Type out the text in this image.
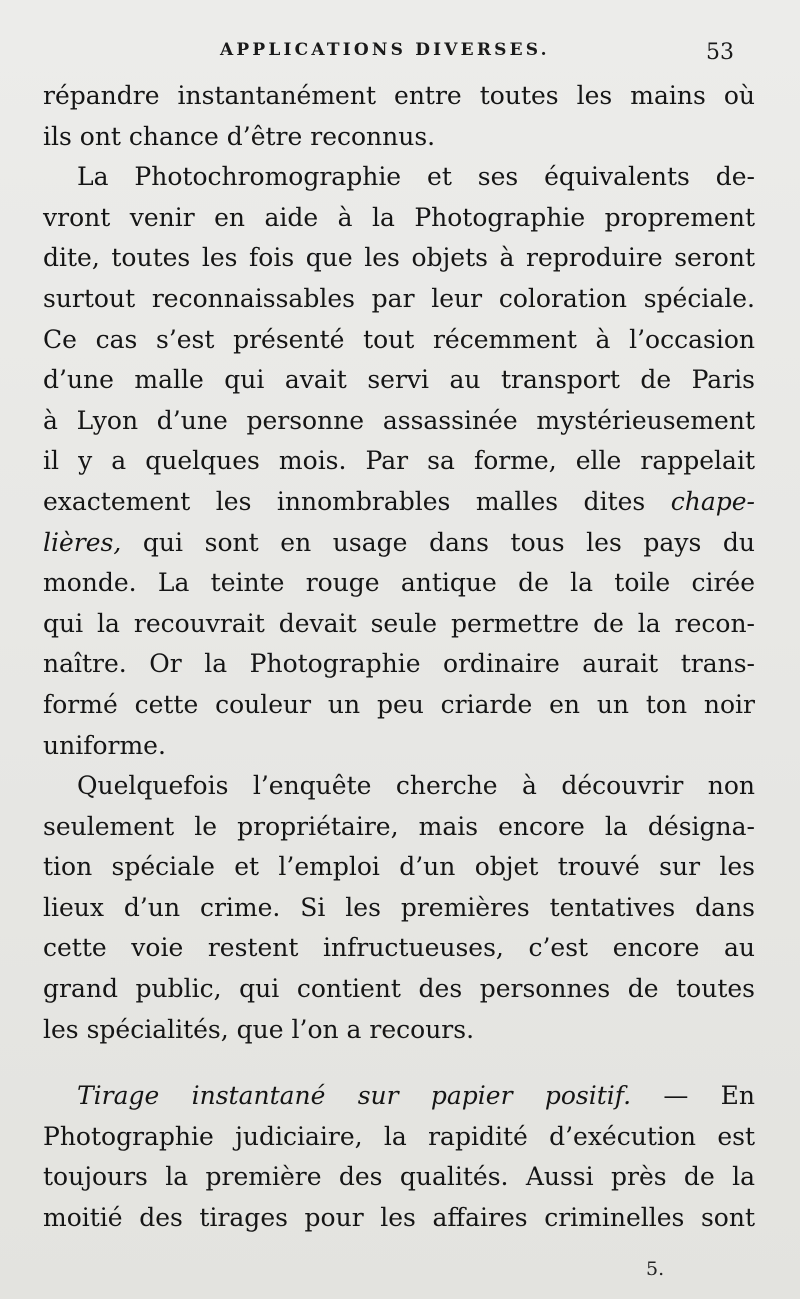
APPLICATIONS DIVERSES.	53
répandre instantanément entre toutes les mains où
ils ont chance d’être reconnus.
La Photochromographie et ses équivalents de-
vront venir en aide à la Photographie proprement
dite, toutes les fois que les objets à reproduire seront
surtout reconnaissables par leur coloration spéciale.
Ce cas s’est présenté tout récemment à l’occasion
d’une malle qui avait servi au transport de Paris
à Lyon d’une personne assassinée mystérieusement
il y a quelques mois. Par sa forme, elle rappelait
exactement les innombrables malles dites chape-
lières, qui sont en usage dans tous les pays du
monde. La teinte rouge antique de la toile cirée
qui la recouvrait devait seule permettre de la recon-
naître. Or la Photographie ordinaire aurait trans-
formé cette couleur un peu criarde en un ton noir
uniforme.
Quelquefois l’enquête cherche à découvrir non
seulement le propriétaire, mais encore la désigna-
tion spéciale et l’emploi d’un objet trouvé sur les
lieux d’un crime. Si les premières tentatives dans
cette voie restent infructueuses, c’est encore au
grand public, qui contient des personnes de toutes
les spécialités, que l’on a recours.
Tirage instantané sur papier positif. — En
Photographie judiciaire, la rapidité d’exécution est
toujours la première des qualités. Aussi près de la
moitié des tirages pour les affaires criminelles sont
5.
